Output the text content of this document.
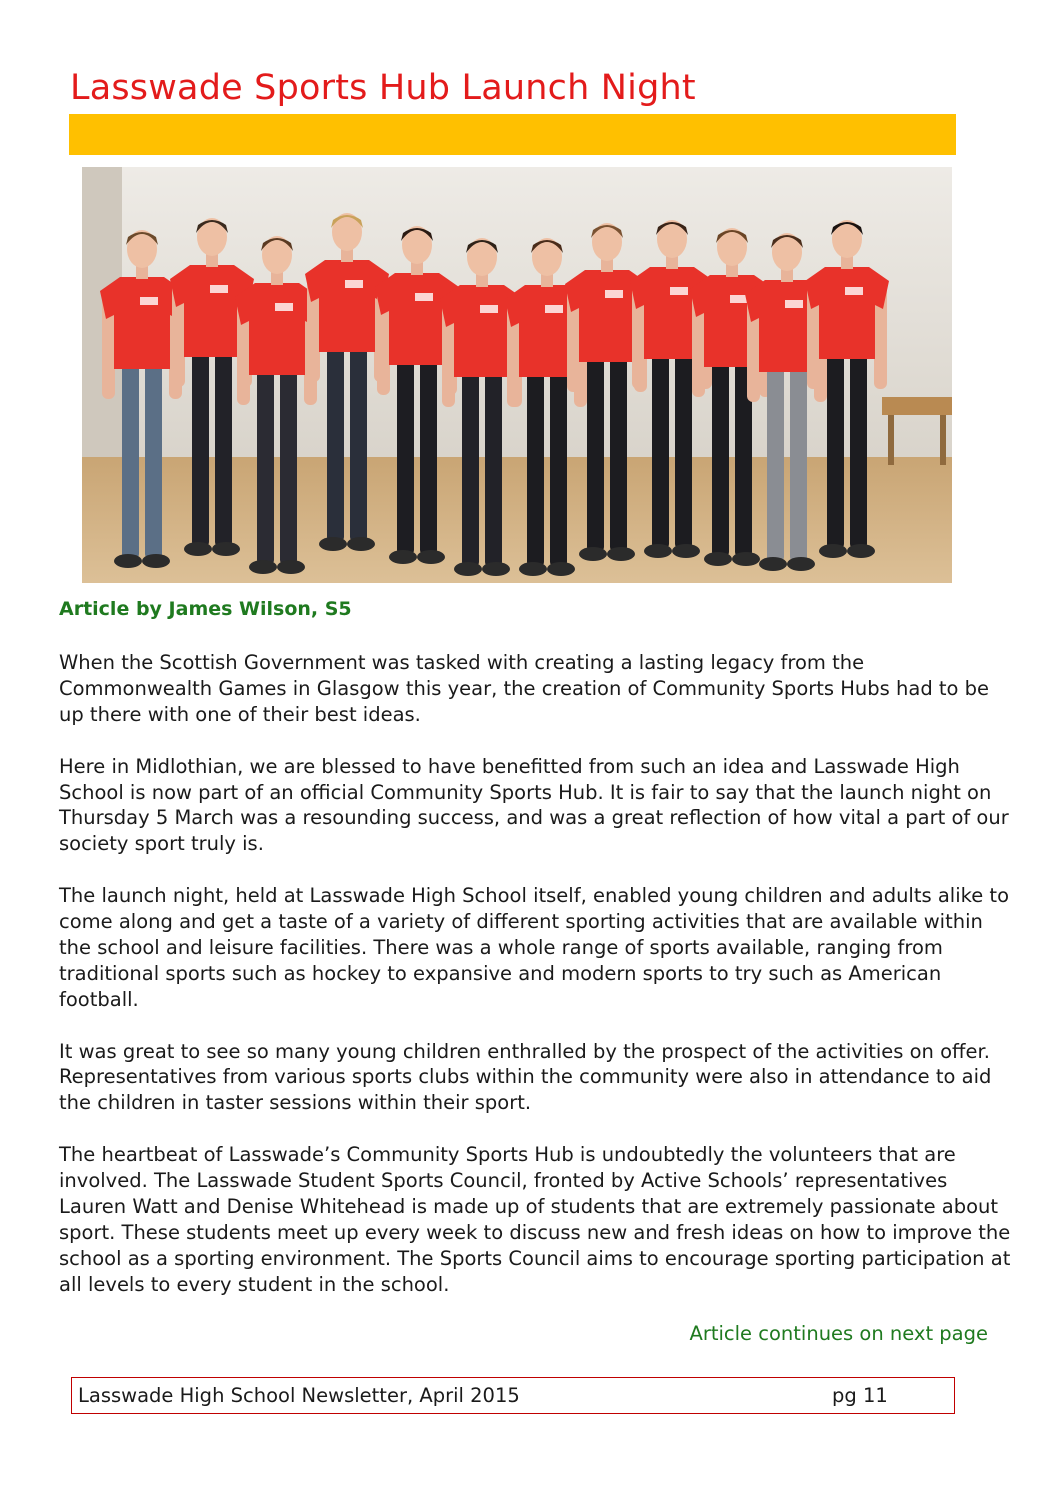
Lasswade Sports Hub Launch Night
Article by James Wilson, S5

When the Scottish Government was tasked with creating a lasting legacy from the Commonwealth Games in Glasgow this year, the creation of Community Sports Hubs had to be up there with one of their best ideas.

Here in Midlothian, we are blessed to have benefitted from such an idea and Lasswade High School is now part of an official Community Sports Hub. It is fair to say that the launch night on Thursday 5 March was a resounding success, and was a great reflection of how vital a part of our society sport truly is.

The launch night, held at Lasswade High School itself, enabled young children and adults alike to come along and get a taste of a variety of different sporting activities that are available within the school and leisure facilities. There was a whole range of sports available, ranging from traditional sports such as hockey to expansive and modern sports to try such as American football.

It was great to see so many young children enthralled by the prospect of the activities on offer. Representatives from various sports clubs within the community were also in attendance to aid the children in taster sessions within their sport.

The heartbeat of Lasswade’s Community Sports Hub is undoubtedly the volunteers that are involved. The Lasswade Student Sports Council, fronted by Active Schools’ representatives Lauren Watt and Denise Whitehead is made up of students that are extremely passionate about sport. These students meet up every week to discuss new and fresh ideas on how to improve the school as a sporting environment. The Sports Council aims to encourage sporting participation at all levels to every student in the school.

Article continues on next page
Lasswade High School Newsletter, April 2015	pg 11
